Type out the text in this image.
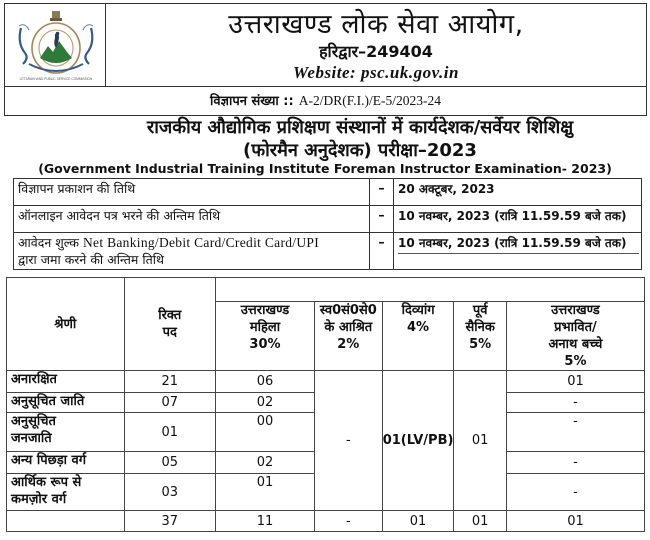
UTTARAKHAND PUBLIC SERVICE COMMISSION
उत्तराखण्ड लोक सेवा आयोग,
हरिद्वार–249404
Website: psc.uk.gov.in
विज्ञापन संख्या :: A-2/DR(F.I.)/E-5/2023-24
राजकीय औद्योगिक प्रशिक्षण संस्थानों में कार्यदेशक/सर्वेयर शिशिक्षु
(फोरमैन अनुदेशक) परीक्षा–2023
(Government Industrial Training Institute Foreman Instructor Examination- 2023)
विज्ञापन प्रकाशन की तिथि	–	20 अक्टूबर, 2023
ऑनलाइन आवेदन पत्र भरने की अन्तिम तिथि	–	10 नवम्बर, 2023 (रात्रि 11.59.59 बजे तक)
आवेदन शुल्क Net Banking/Debit Card/Credit Card/UPI
द्वारा जमा करने की अन्तिम तिथि	–	10 नवम्बर, 2023 (रात्रि 11.59.59 बजे तक)
श्रेणी	रिक्त
पद					
		उत्तराखण्ड
महिला
30%	स्व0सं0से0
के आश्रित
2%	दिव्यांग
4%	पूर्व
सैनिक
5%	उत्तराखण्ड
प्रभावित/
अनाथ बच्चे
5%
अनारक्षित	21	06	-	01(LV/PB)	01	01
अनुसूचित जाति	07	02				-
अनुसूचित
जनजाति	01	00				-
अन्य पिछड़ा वर्ग	05	02				-
आर्थिक रूप से
कमज़ोर वर्ग	03	01				-
	37	11	-	01	01	01
